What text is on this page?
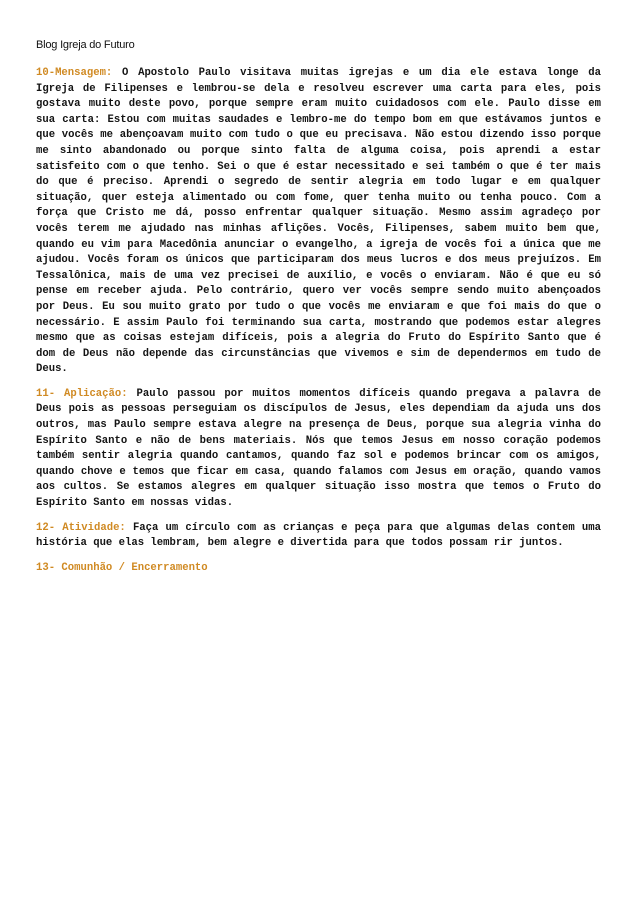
Blog Igreja do Futuro

10-Mensagem: O Apostolo Paulo visitava muitas igrejas e um dia ele estava longe da Igreja de Filipenses e lembrou-se dela e resolveu escrever uma carta para eles, pois gostava muito deste povo, porque sempre eram muito cuidadosos com ele. Paulo disse em sua carta: Estou com muitas saudades e lembro-me do tempo bom em que estávamos juntos e que vocês me abençoavam muito com tudo o que eu precisava. Não estou dizendo isso porque me sinto abandonado ou porque sinto falta de alguma coisa, pois aprendi a estar satisfeito com o que tenho. Sei o que é estar necessitado e sei também o que é ter mais do que é preciso. Aprendi o segredo de sentir alegria em todo lugar e em qualquer situação, quer esteja alimentado ou com fome, quer tenha muito ou tenha pouco. Com a força que Cristo me dá, posso enfrentar qualquer situação. Mesmo assim agradeço por vocês terem me ajudado nas minhas aflições. Vocês, Filipenses, sabem muito bem que, quando eu vim para Macedônia anunciar o evangelho, a igreja de vocês foi a única que me ajudou. Vocês foram os únicos que participaram dos meus lucros e dos meus prejuízos. Em Tessalônica, mais de uma vez precisei de auxílio, e vocês o enviaram. Não é que eu só pense em receber ajuda. Pelo contrário, quero ver vocês sempre sendo muito abençoados por Deus. Eu sou muito grato por tudo o que vocês me enviaram e que foi mais do que o necessário. E assim Paulo foi terminando sua carta, mostrando que podemos estar alegres mesmo que as coisas estejam difíceis, pois a alegria do Fruto do Espírito Santo que é dom de Deus não depende das circunstâncias que vivemos e sim de dependermos em tudo de Deus.

11- Aplicação: Paulo passou por muitos momentos difíceis quando pregava a palavra de Deus pois as pessoas perseguiam os discípulos de Jesus, eles dependiam da ajuda uns dos outros, mas Paulo sempre estava alegre na presença de Deus, porque sua alegria vinha do Espírito Santo e não de bens materiais. Nós que temos Jesus em nosso coração podemos também sentir alegria quando cantamos, quando faz sol e podemos brincar com os amigos, quando chove e temos que ficar em casa, quando falamos com Jesus em oração, quando vamos aos cultos. Se estamos alegres em qualquer situação isso mostra que temos o Fruto do Espírito Santo em nossas vidas.

12- Atividade: Faça um círculo com as crianças e peça para que algumas delas contem uma história que elas lembram, bem alegre e divertida para que todos possam rir juntos.

13- Comunhão / Encerramento
